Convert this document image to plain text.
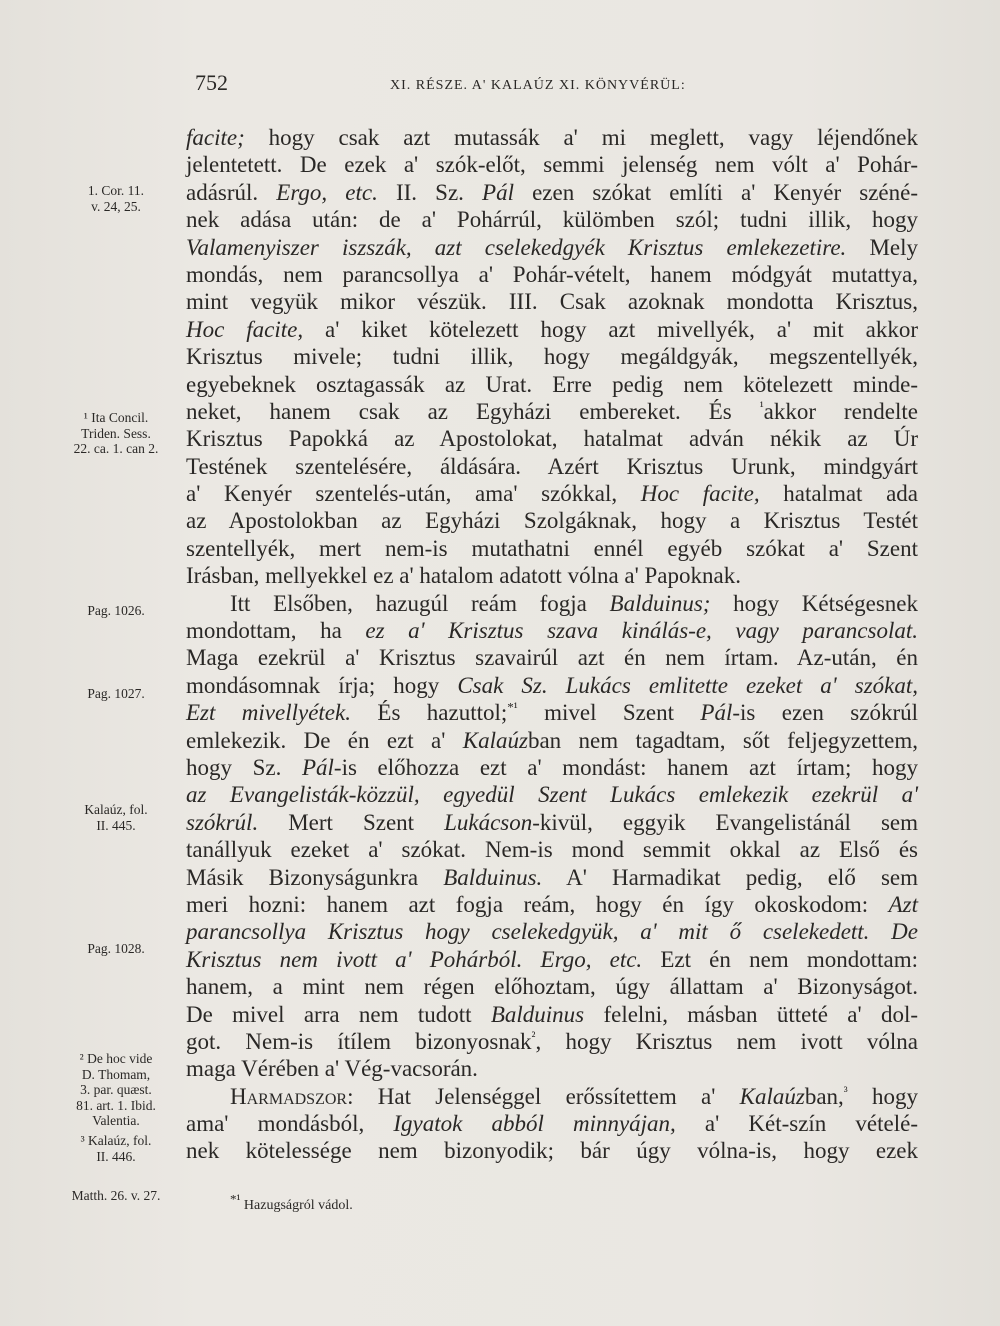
752	XI. RÉSZE. A' KALAÚZ XI. KÖNYVÉRÜL:
1. Cor. 11.
v. 24, 25.
¹ Ita Concil.
Triden. Sess.
22. ca. 1. can 2.
Pag. 1026.
Pag. 1027.
Kalaúz, fol.
II. 445.
Pag. 1028.
² De hoc vide
D. Thomam,
3. par. quæst.
81. art. 1. Ibid.
Valentia.
³ Kalaúz, fol.
II. 446.
Matth. 26. v. 27.
facite; hogy csak azt mutassák a' mi meglett, vagy léjendőnek
jelentetett. De ezek a' szók-előt, semmi jelenség nem vólt a' Pohár-
adásrúl. Ergo, etc. II. Sz. Pál ezen szókat említi a' Kenyér széné-
nek adása után: de a' Pohárrúl, külömben szól; tudni illik, hogy
Valamenyiszer iszszák, azt cselekedgyék Krisztus emlekezetire. Mely
mondás, nem parancsollya a' Pohár-vételt, hanem módgyát mutattya,
mint vegyük mikor vészük. III. Csak azoknak mondotta Krisztus,
Hoc facite, a' kiket kötelezett hogy azt mivellyék, a' mit akkor
Krisztus mivele; tudni illik, hogy megáldgyák, megszentellyék,
egyebeknek osztagassák az Urat. Erre pedig nem kötelezett minde-
neket, hanem csak az Egyházi embereket. És $^{^1}$akkor rendelte
Krisztus Papokká az Apostolokat, hatalmat adván nékik az Úr
Testének szentelésére, áldására. Azért Krisztus Urunk, mindgyárt
a' Kenyér szentelés-után, ama' szókkal, Hoc facite, hatalmat ada
az Apostolokban az Egyházi Szolgáknak, hogy a Krisztus Testét
szentellyék, mert nem-is mutathatni ennél egyéb szókat a' Szent
Irásban, mellyekkel ez a' hatalom adatott vólna a' Papoknak.
Itt Elsőben, hazugúl reám fogja Balduinus; hogy Kétségesnek
mondottam, ha ez a' Krisztus szava kinálás-e, vagy parancsolat.
Maga ezekrül a' Krisztus szavairúl azt én nem írtam. Az-után, én
mondásomnak írja; hogy Csak Sz. Lukács emlitette ezeket a' szókat,
Ezt mivellyétek. És hazuttol;$^{*^1}$ mivel Szent Pál-is ezen szókrúl
emlekezik. De én ezt a' Kalaúzban nem tagadtam, sőt feljegyzettem,
hogy Sz. Pál-is előhozza ezt a' mondást: hanem azt írtam; hogy
az Evangelisták-közzül, egyedül Szent Lukács emlekezik ezekrül a'
szókrúl. Mert Szent Lukácson-kivül, eggyik Evangelistánál sem
tanállyuk ezeket a' szókat. Nem-is mond semmit okkal az Első és
Másik Bizonyságunkra Balduinus. A' Harmadikat pedig, elő sem
meri hozni: hanem azt fogja reám, hogy én így okoskodom: Azt
parancsollya Krisztus hogy cselekedgyük, a' mit ő cselekedett. De
Krisztus nem ivott a' Pohárból. Ergo, etc. Ezt én nem mondottam:
hanem, a mint nem régen előhoztam, úgy állattam a' Bizonyságot.
De mivel arra nem tudott Balduinus felelni, másban ütteté a' dol-
got. Nem-is ítílem bizonyosnak$^{^2}$, hogy Krisztus nem ivott vólna
maga Vérében a' Vég-vacsorán.
Harmadszor: Hat Jelenséggel erőssítettem a' Kalaúzban,$^{^3}$ hogy
ama' mondásból, Igyatok abból minnyájan, a' Két-szín vételé-
nek kötelessége nem bizonyodik; bár úgy vólna-is, hogy ezek
$^{*^1}$ Hazugságról vádol.
